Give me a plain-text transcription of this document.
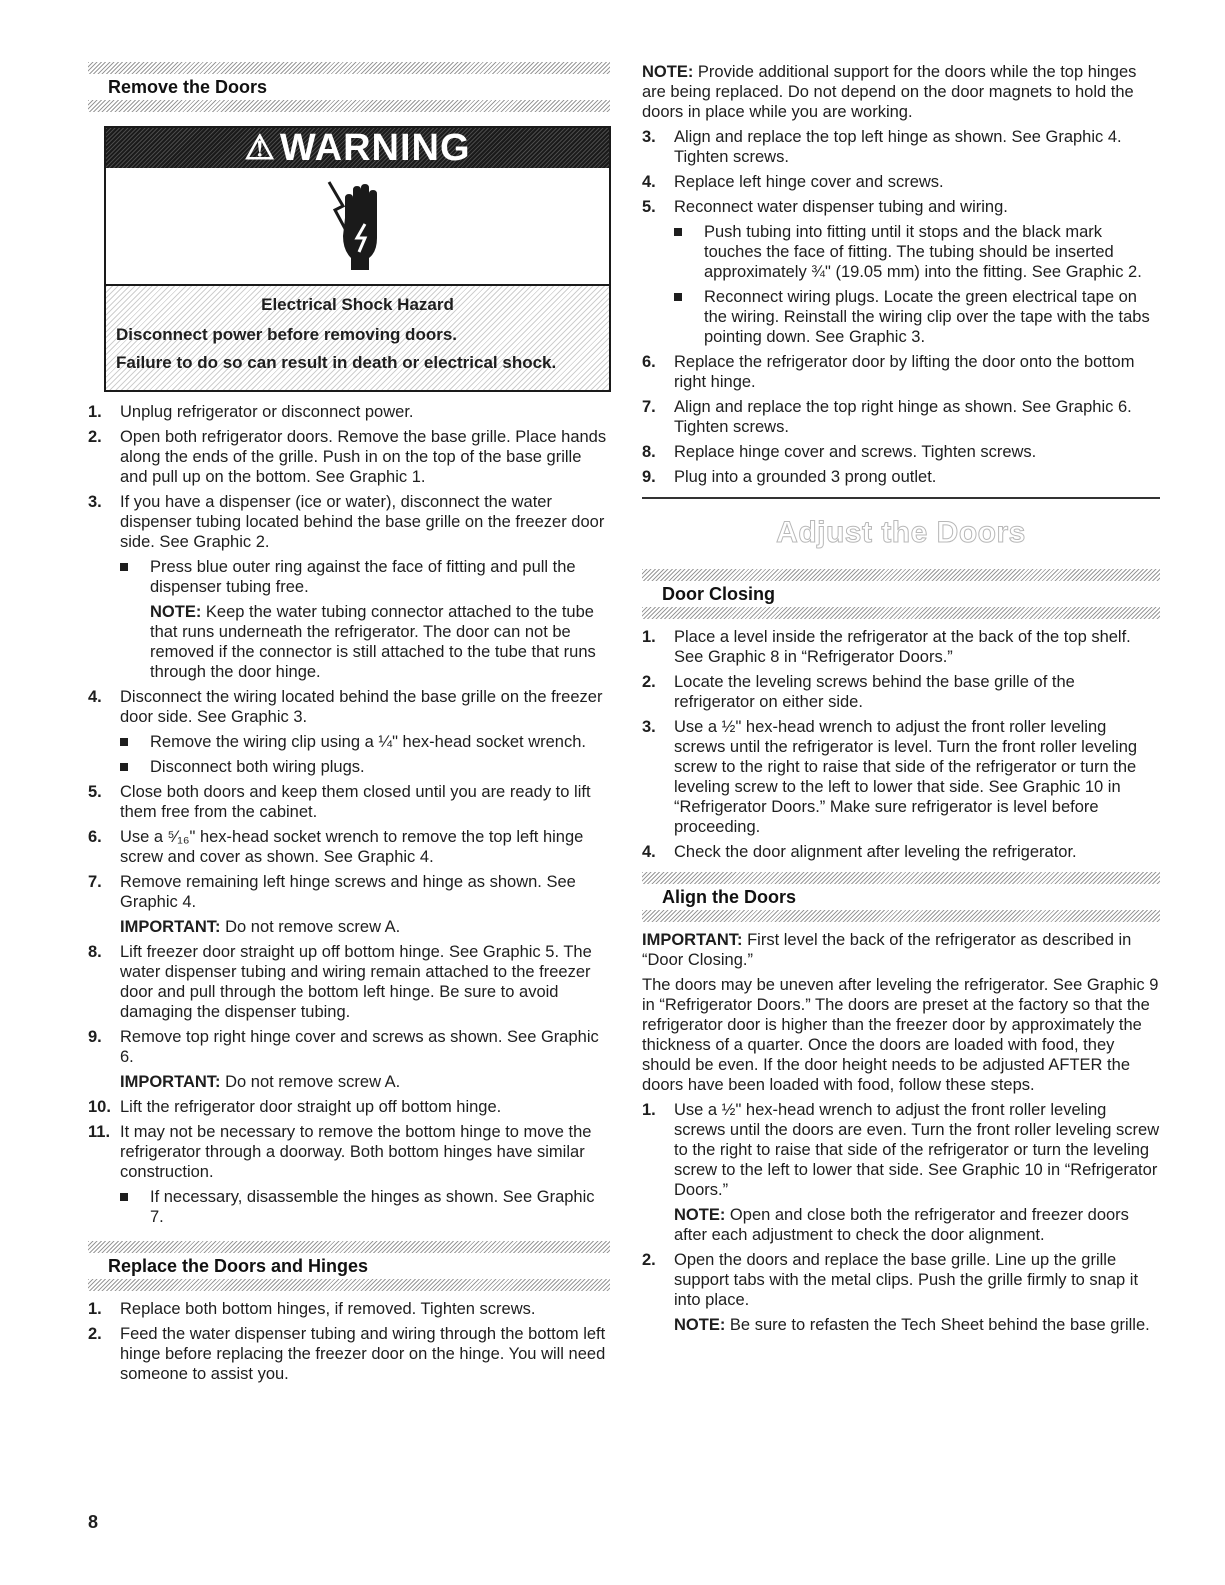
Remove the Doors
⚠ WARNING
Electrical Shock Hazard
Disconnect power before removing doors.
Failure to do so can result in death or electrical shock.
1. Unplug refrigerator or disconnect power.
2. Open both refrigerator doors. Remove the base grille. Place hands along the ends of the grille. Push in on the top of the base grille and pull up on the bottom. See Graphic 1.
3. If you have a dispenser (ice or water), disconnect the water dispenser tubing located behind the base grille on the freezer door side. See Graphic 2.
Press blue outer ring against the face of fitting and pull the dispenser tubing free.
NOTE: Keep the water tubing connector attached to the tube that runs underneath the refrigerator. The door can not be removed if the connector is still attached to the tube that runs through the door hinge.
4. Disconnect the wiring located behind the base grille on the freezer door side. See Graphic 3.
Remove the wiring clip using a ¼" hex-head socket wrench.
Disconnect both wiring plugs.
5. Close both doors and keep them closed until you are ready to lift them free from the cabinet.
6. Use a ⁵⁄₁₆" hex-head socket wrench to remove the top left hinge screw and cover as shown. See Graphic 4.
7. Remove remaining left hinge screws and hinge as shown. See Graphic 4.
IMPORTANT: Do not remove screw A.
8. Lift freezer door straight up off bottom hinge. See Graphic 5. The water dispenser tubing and wiring remain attached to the freezer door and pull through the bottom left hinge. Be sure to avoid damaging the dispenser tubing.
9. Remove top right hinge cover and screws as shown. See Graphic 6.
IMPORTANT: Do not remove screw A.
10. Lift the refrigerator door straight up off bottom hinge.
11. It may not be necessary to remove the bottom hinge to move the refrigerator through a doorway. Both bottom hinges have similar construction.
If necessary, disassemble the hinges as shown. See Graphic 7.
Replace the Doors and Hinges
1. Replace both bottom hinges, if removed. Tighten screws.
2. Feed the water dispenser tubing and wiring through the bottom left hinge before replacing the freezer door on the hinge. You will need someone to assist you.

NOTE: Provide additional support for the doors while the top hinges are being replaced. Do not depend on the door magnets to hold the doors in place while you are working.

3. Align and replace the top left hinge as shown. See Graphic 4. Tighten screws.
4. Replace left hinge cover and screws.
5. Reconnect water dispenser tubing and wiring.
Push tubing into fitting until it stops and the black mark touches the face of fitting. The tubing should be inserted approximately ¾" (19.05 mm) into the fitting. See Graphic 2.
Reconnect wiring plugs. Locate the green electrical tape on the wiring. Reinstall the wiring clip over the tape with the tabs pointing down. See Graphic 3.
6. Replace the refrigerator door by lifting the door onto the bottom right hinge.
7. Align and replace the top right hinge as shown. See Graphic 6. Tighten screws.
8. Replace hinge cover and screws. Tighten screws.
9. Plug into a grounded 3 prong outlet.
Adjust the Doors
Door Closing
1. Place a level inside the refrigerator at the back of the top shelf. See Graphic 8 in “Refrigerator Doors.”
2. Locate the leveling screws behind the base grille of the refrigerator on either side.
3. Use a ½" hex-head wrench to adjust the front roller leveling screws until the refrigerator is level. Turn the front roller leveling screw to the right to raise that side of the refrigerator or turn the leveling screw to the left to lower that side. See Graphic 10 in “Refrigerator Doors.” Make sure refrigerator is level before proceeding.
4. Check the door alignment after leveling the refrigerator.
Align the Doors

IMPORTANT: First level the back of the refrigerator as described in “Door Closing.”

The doors may be uneven after leveling the refrigerator. See Graphic 9 in “Refrigerator Doors.” The doors are preset at the factory so that the refrigerator door is higher than the freezer door by approximately the thickness of a quarter. Once the doors are loaded with food, they should be even. If the door height needs to be adjusted AFTER the doors have been loaded with food, follow these steps.

1. Use a ½" hex-head wrench to adjust the front roller leveling screws until the doors are even. Turn the front roller leveling screw to the right to raise that side of the refrigerator or turn the leveling screw to the left to lower that side. See Graphic 10 in “Refrigerator Doors.”
NOTE: Open and close both the refrigerator and freezer doors after each adjustment to check the door alignment.
2. Open the doors and replace the base grille. Line up the grille support tabs with the metal clips. Push the grille firmly to snap it into place.
NOTE: Be sure to refasten the Tech Sheet behind the base grille.
8
